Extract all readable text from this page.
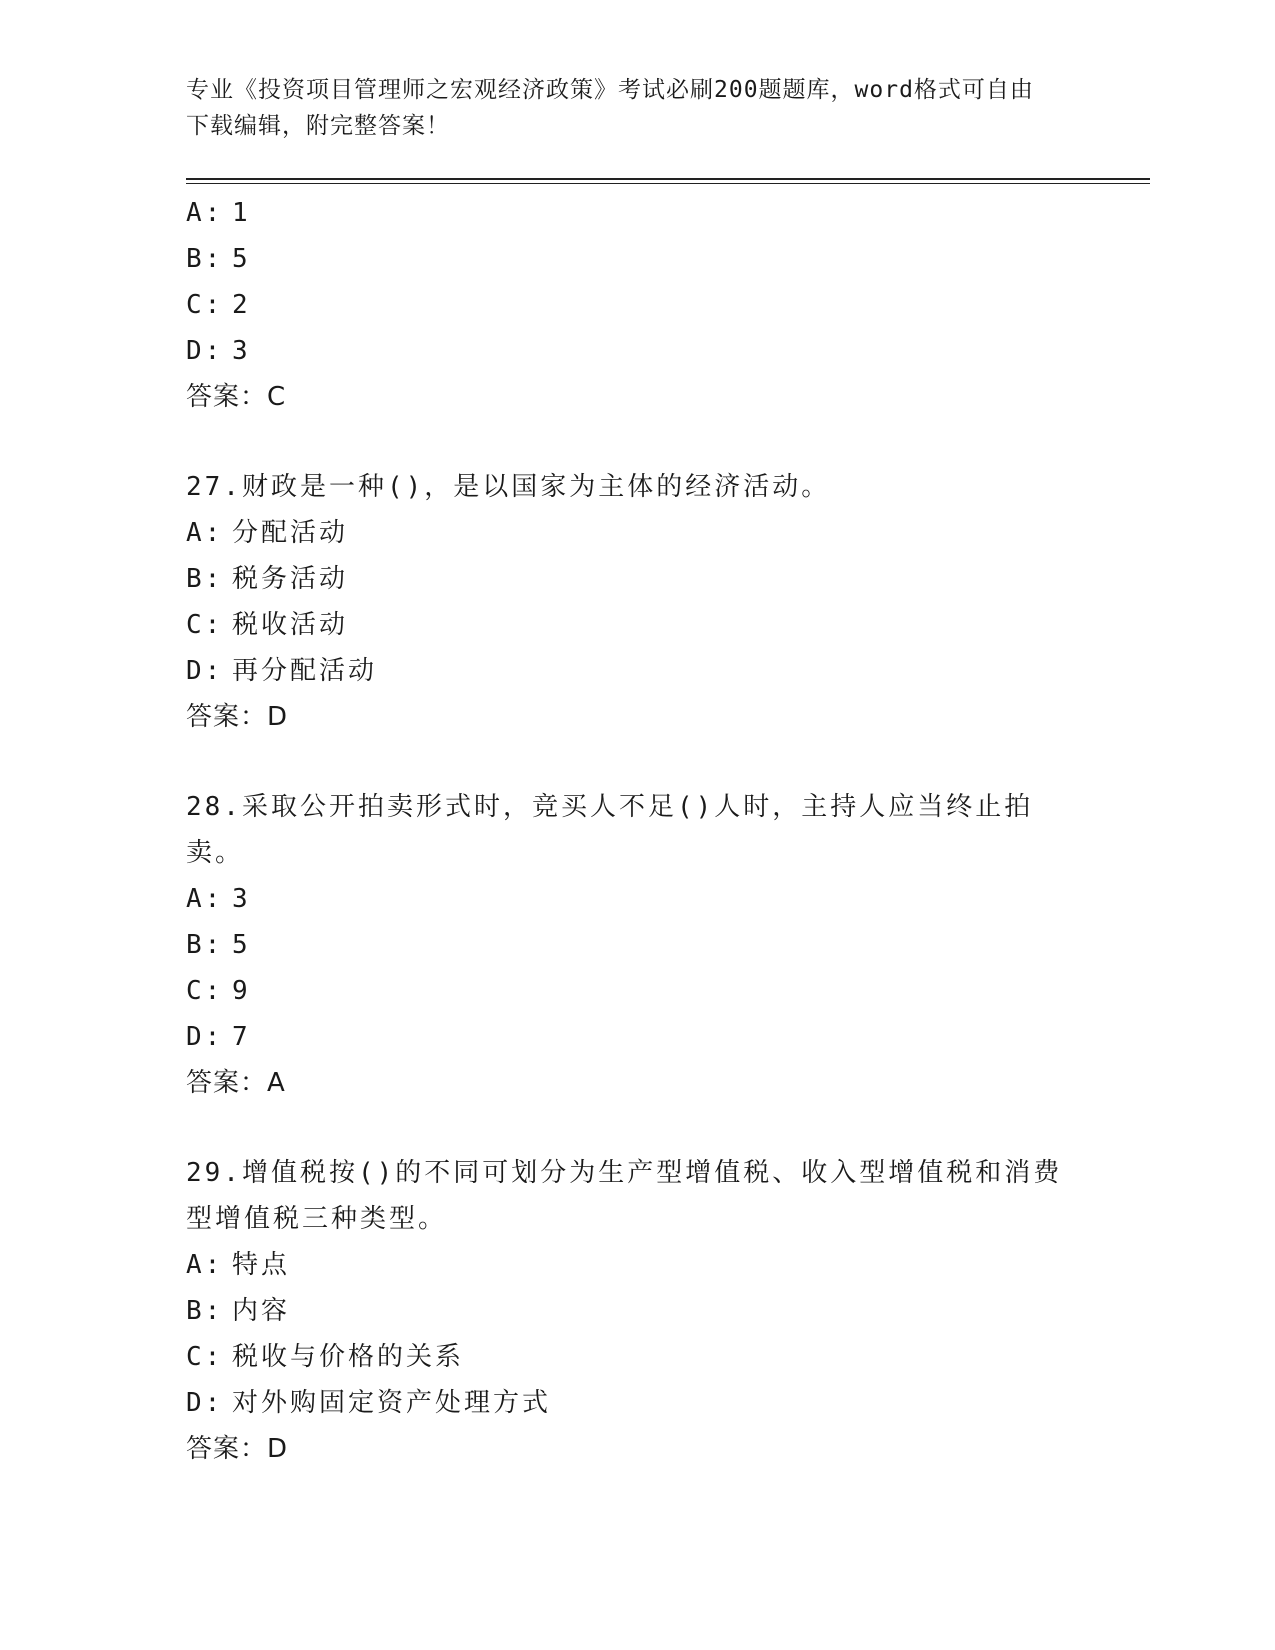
专业《投资项目管理师之宏观经济政策》考试必刷200题题库，word格式可自由
下载编辑，附完整答案！
A: 1
B: 5
C: 2
D: 3
答案：C
27.财政是一种()，是以国家为主体的经济活动。
A: 分配活动
B: 税务活动
C: 税收活动
D: 再分配活动
答案：D
28.采取公开拍卖形式时，竞买人不足()人时，主持人应当终止拍卖。
A: 3
B: 5
C: 9
D: 7
答案：A
29.增值税按()的不同可划分为生产型增值税、收入型增值税和消费型增值税三种类型。
A: 特点
B: 内容
C: 税收与价格的关系
D: 对外购固定资产处理方式
答案：D
